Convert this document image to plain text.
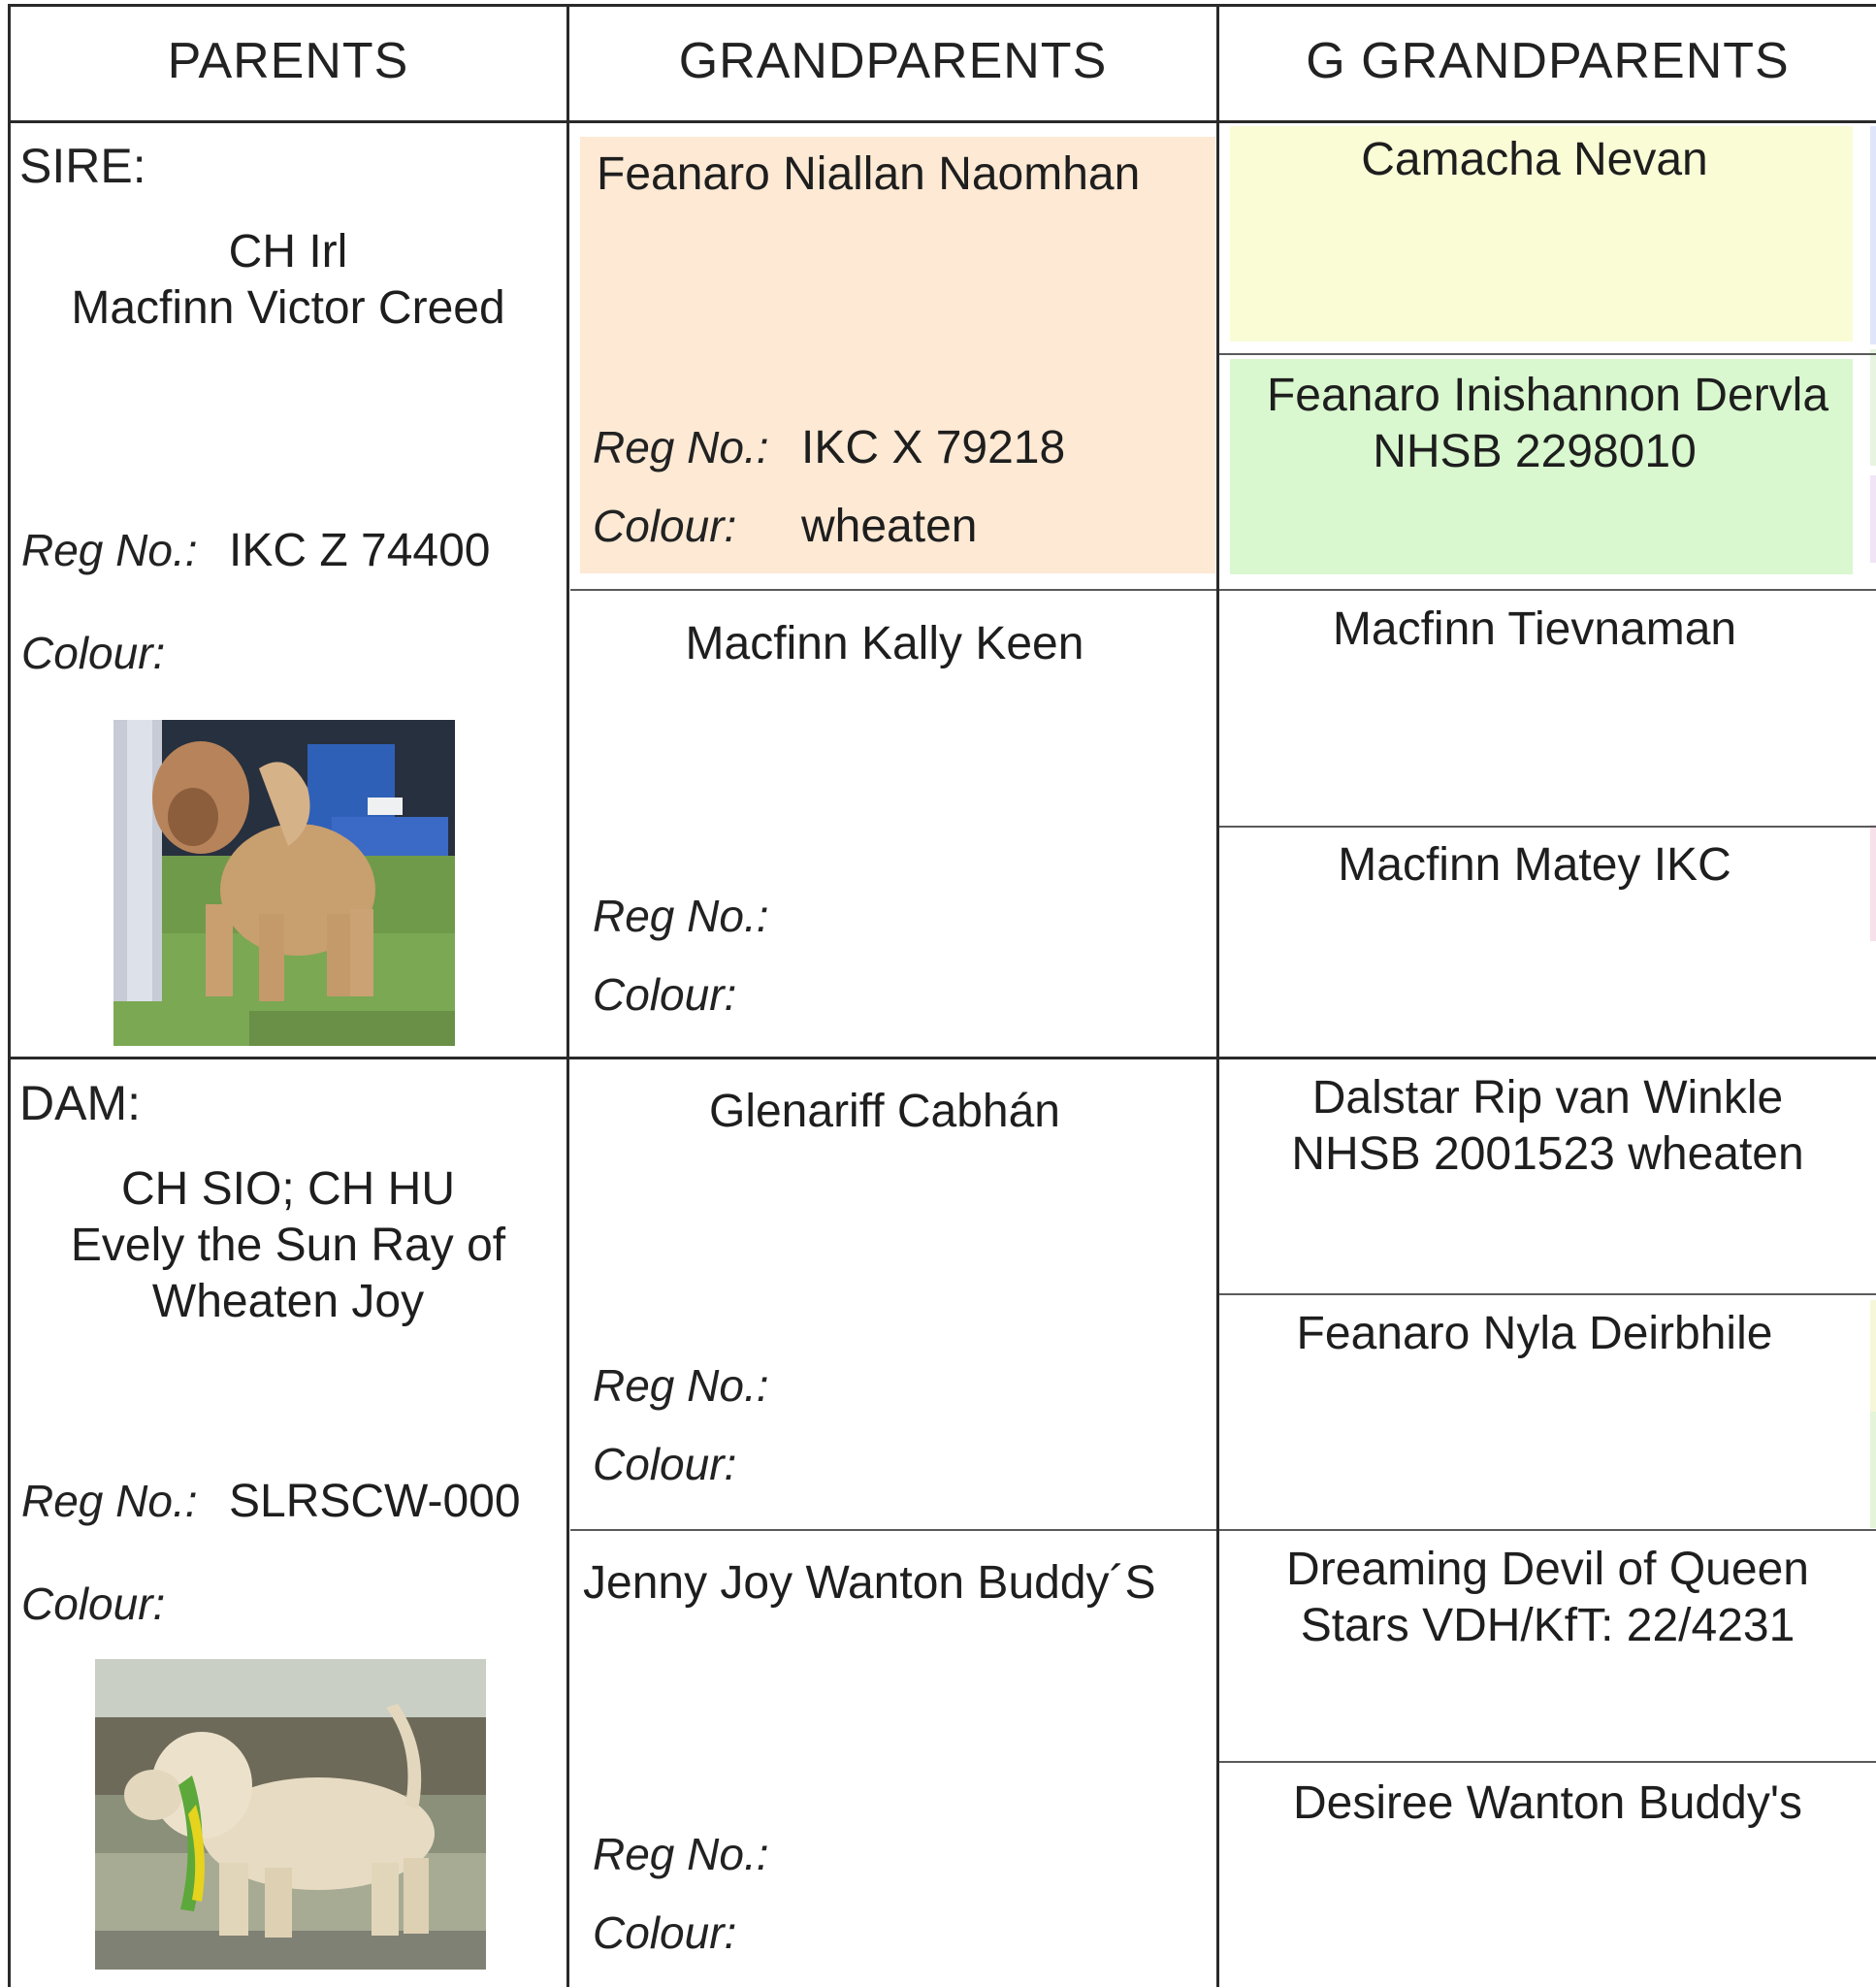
PARENTS	GRANDPARENTS	G GRANDPARENTS
SIRE:
CH Irl
Macfinn Victor Creed
Reg No.: IKC Z 74400
Colour:
DAM:
CH SIO; CH HU
Evely the Sun Ray of
Wheaten Joy
Reg No.: SLRSCW-000
Colour:
Feanaro Niallan Naomhan
Reg No.: IKC X 79218
Colour: wheaten
Macfinn Kally Keen
Reg No.:
Colour:
Glenariff Cabhán
Reg No.:
Colour:
Jenny Joy Wanton Buddy´S
Reg No.:
Colour:
Camacha Nevan
Feanaro Inishannon Dervla
NHSB 2298010
Macfinn Tievnaman
Macfinn Matey IKC
Dalstar Rip van Winkle
NHSB 2001523 wheaten
Feanaro Nyla Deirbhile
Dreaming Devil of Queen
Stars VDH/KfT: 22/4231
Desiree Wanton Buddy's
